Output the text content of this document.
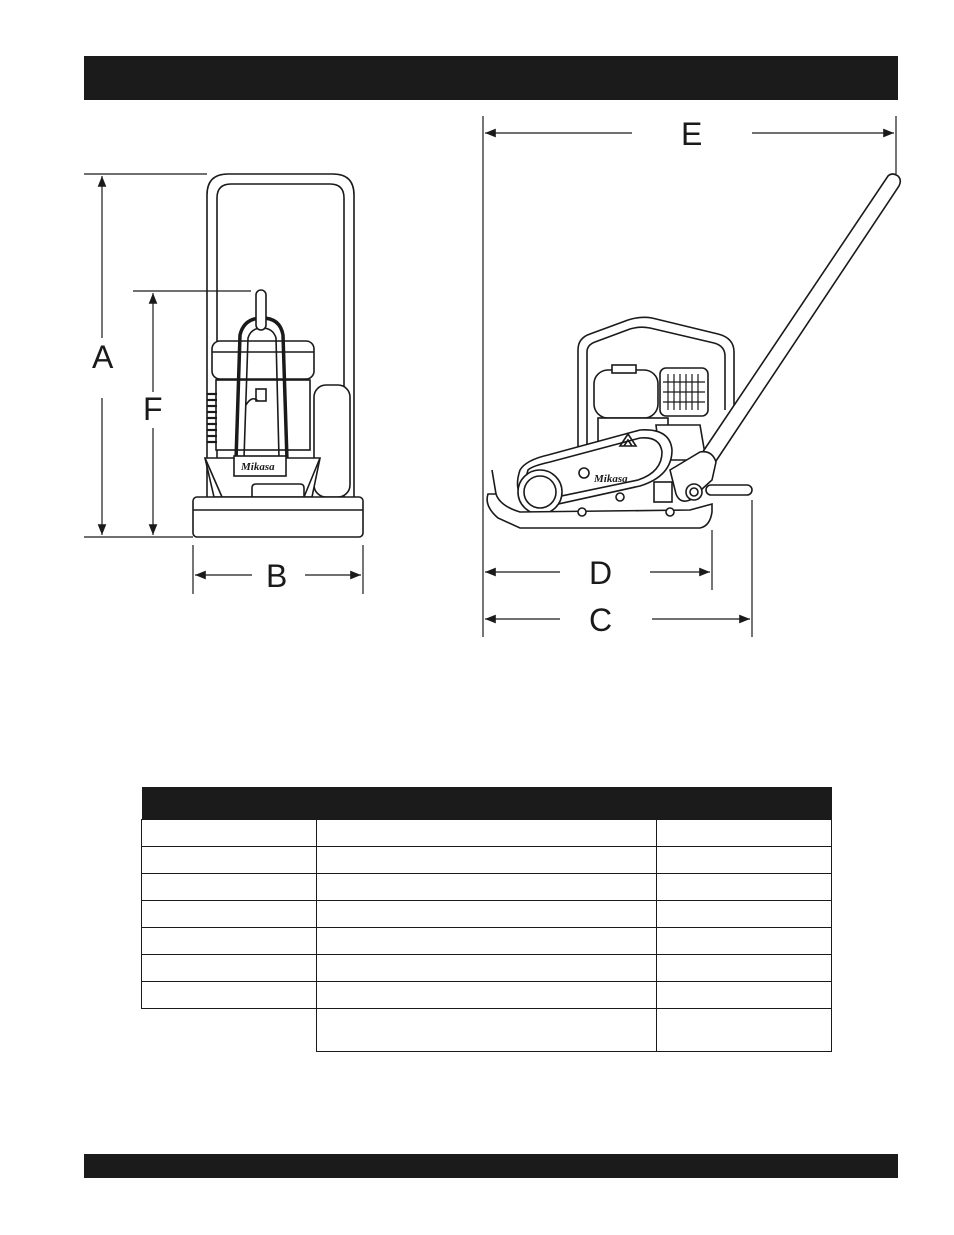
Mikasa
A
F
B
Mikasa
E
D
C
